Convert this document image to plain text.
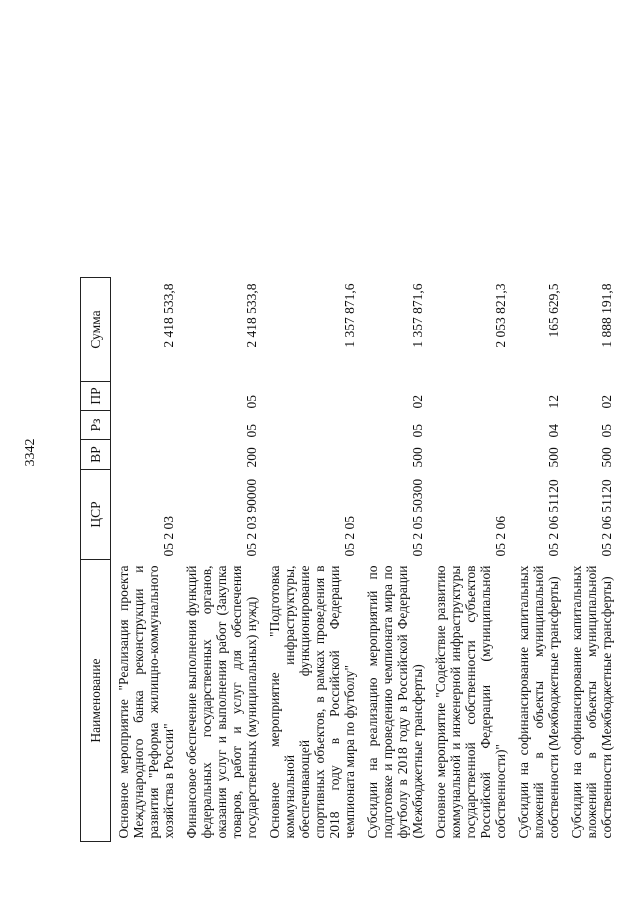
3342
Наименование	ЦСР	ВР	Рз	ПР	Сумма
Основное мероприятие "Реализация проекта Международного банка реконструкции и развития "Реформа жилищно-коммунального хозяйства в России"	05 2 03				2 418 533,8
Финансовое обеспечение выполнения функций федеральных государственных органов, оказания услуг и выполнения работ (Закупка товаров, работ и услуг для обеспечения государственных (муниципальных) нужд)	05 2 03 90000	200	05	05	2 418 533,8
Основное мероприятие "Подготовка коммунальной инфраструктуры, обеспечивающей функционирование спортивных объектов, в рамках проведения в 2018 году в Российской Федерации чемпионата мира по футболу"	05 2 05				1 357 871,6
Субсидии на реализацию мероприятий по подготовке и проведению чемпионата мира по футболу в 2018 году в Российской Федерации (Межбюджетные трансферты)	05 2 05 50300	500	05	02	1 357 871,6
Основное мероприятие "Содействие развитию коммунальной и инженерной инфраструктуры государственной собственности субъектов Российской Федерации (муниципальной собственности)"	05 2 06				2 053 821,3
Субсидии на софинансирование капитальных вложений в объекты муниципальной собственности (Межбюджетные трансферты)	05 2 06 51120	500	04	12	165 629,5
Субсидии на софинансирование капитальных вложений в объекты муниципальной собственности (Межбюджетные трансферты)	05 2 06 51120	500	05	02	1 888 191,8
